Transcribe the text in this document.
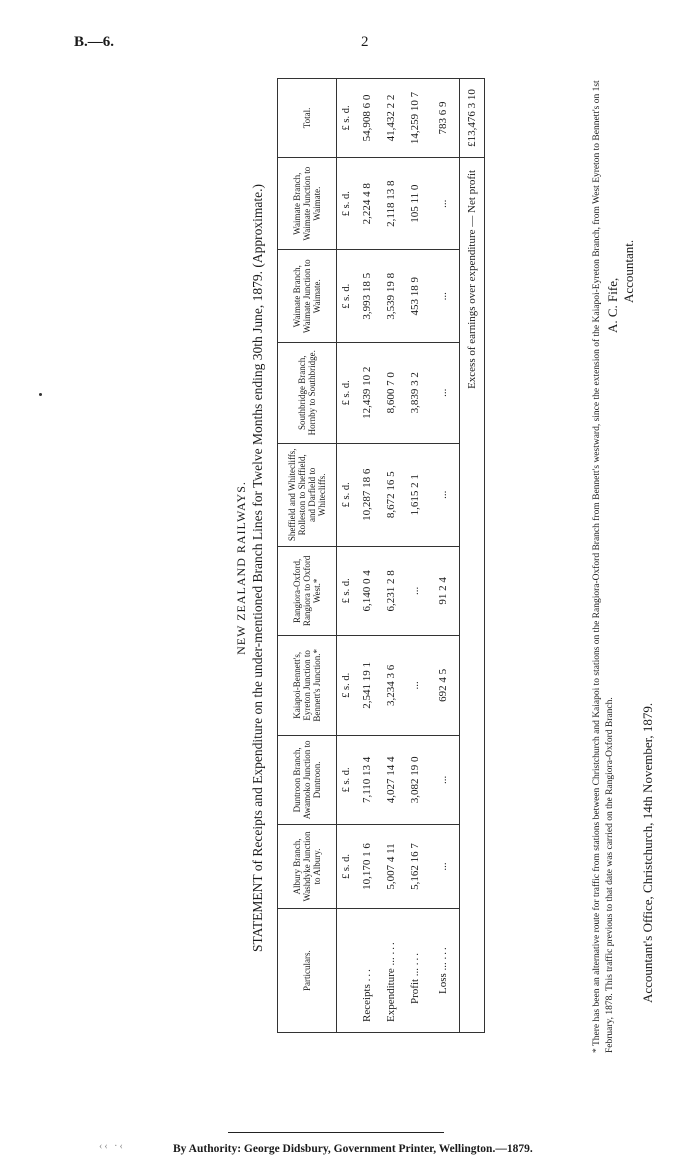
B.—6.	2
NEW ZEALAND RAILWAYS. STATEMENT of Receipts and Expenditure on the under-mentioned Branch Lines for Twelve Months ending 30th June, 1879. (Approximate.)
Particulars.	Albury Branch, Washdyke Junction to Albury.	Duntroon Branch, Awamoko Junction to Duntroon.	Kaiapoi-Bennett's, Eyreton Junction to Bennett's Junction.*	Rangiora-Oxford, Rangiora to Oxford West.*	Sheffield and Whitecliffs, Rolleston to Sheffield, and Darfield to Whitecliffs.	Southbridge Branch, Hornby to Southbridge.	Waimate Branch, Waimate Junction to Waimate.	Waimate Branch, Waimate Junction to Waimate.	Total.
	£ s. d.	£ s. d.	£ s. d.	£ s. d.	£ s. d.	£ s. d.	£ s. d.	£ s. d.	£ s. d.
Receipts ...	10,170 1 6	7,110 13 4	2,541 19 1	6,140 0 4	10,287 18 6	12,439 10 2	3,993 18 5	2,224 4 8	54,908 6 0
Expenditure ... ...	5,007 4 11	4,027 14 4	3,234 3 6	6,231 2 8	8,672 16 5	8,600 7 0	3,539 19 8	2,118 13 8	41,432 2 2
Profit ... ...	5,162 16 7	3,082 19 0	...	...	1,615 2 1	3,839 3 2	453 18 9	105 11 0	14,259 10 7
Loss ... ...	...	...	692 4 5	91 2 4	...	...	...	...	783 6 9
Excess of earnings over expenditure — Net profit									£13,476 3 10	* There has been an alternative route for traffic from stations between Christchurch and Kaiapoi to stations on the Rangiora-Oxford Branch from Bennett's westward, since the extension of the Kaiapoi-Eyreton Branch, from West Eyreton to Bennett's on 1st February, 1878. This traffic previous to that date was carried on the Rangiora-Oxford Branch. Accountant's Office, Christchurch, 14th November, 1879.
A. C. Fife,
Accountant.
‹‹ ·‹	By Authority: George Didsbury, Government Printer, Wellington.—1879.
